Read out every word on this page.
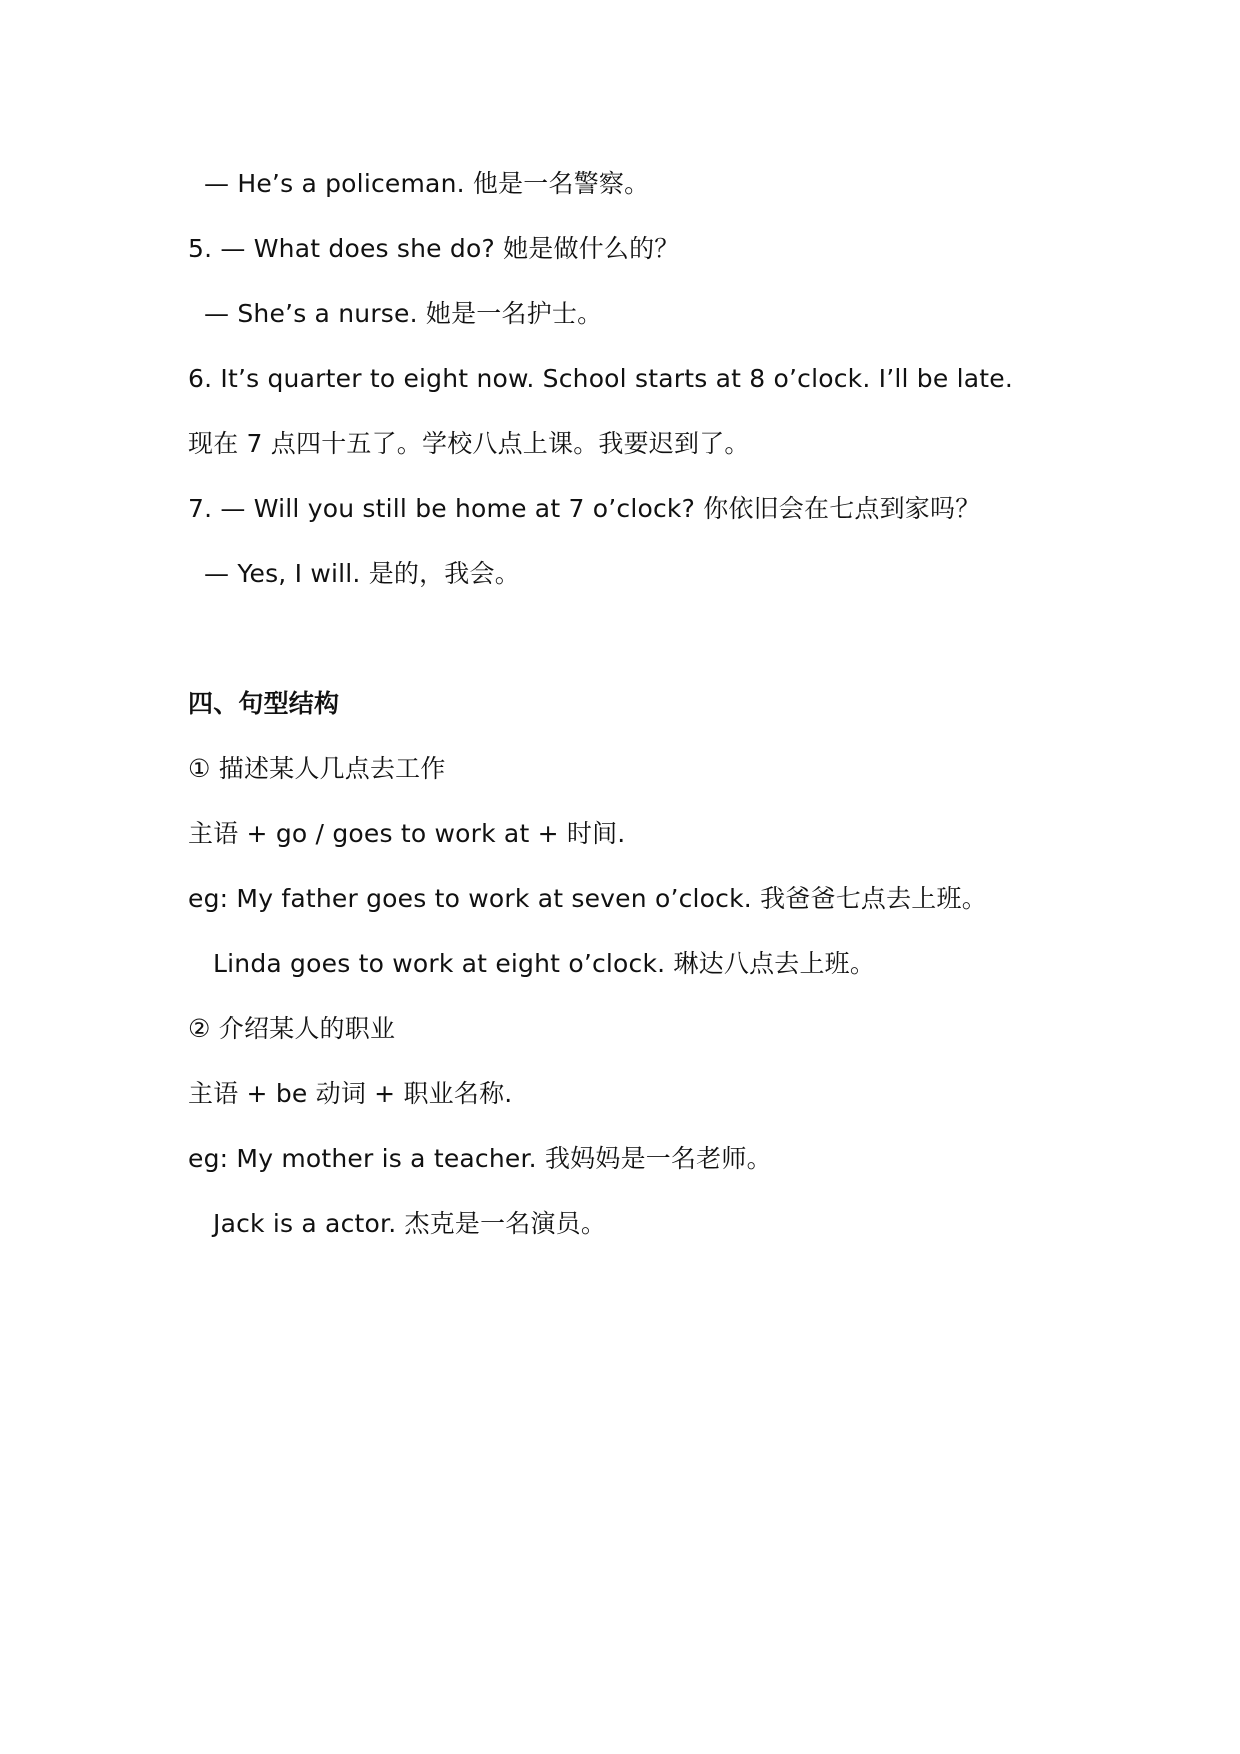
— He’s a policeman. 他是一名警察。
5. — What does she do? 她是做什么的？
— She’s a nurse. 她是一名护士。
6. It’s quarter to eight now. School starts at 8 o’clock. I’ll be late.
现在 7 点四十五了。学校八点上课。我要迟到了。
7. — Will you still be home at 7 o’clock? 你依旧会在七点到家吗？
— Yes, I will. 是的，我会。
四、句型结构
① 描述某人几点去工作
主语 + go / goes to work at + 时间.
eg: My father goes to work at seven o’clock. 我爸爸七点去上班。
Linda goes to work at eight o’clock. 琳达八点去上班。
② 介绍某人的职业
主语 + be 动词 + 职业名称.
eg: My mother is a teacher. 我妈妈是一名老师。
Jack is a actor. 杰克是一名演员。
